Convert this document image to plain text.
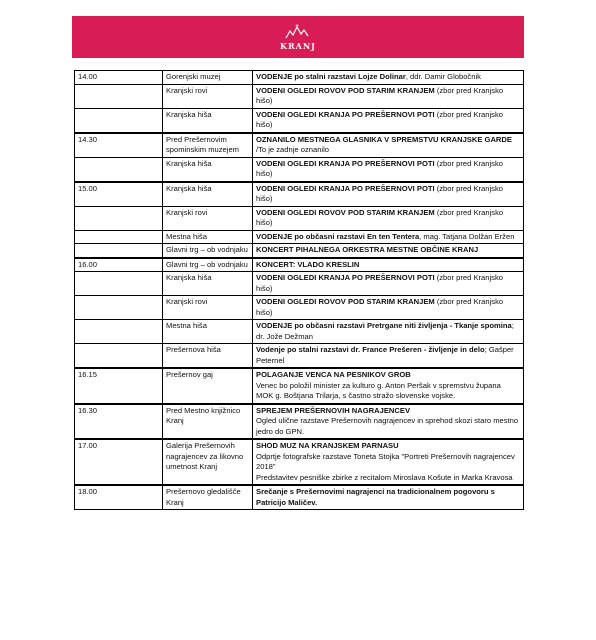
KRANJ
14.00	Gorenjski muzej	VODENJE po stalni razstavi Lojze Dolinar, ddr. Damir Globočnik
	Kranjski rovi	VODENI OGLEDI ROVOV POD STARIM KRANJEM (zbor pred Kranjsko hišo)
	Kranjska hiša	VODENI OGLEDI KRANJA PO PREŠERNOVI POTI (zbor pred Kranjsko hišo)
14.30	Pred Prešernovim spominskim muzejem	OZNANILO MESTNEGA GLASNIKA V SPREMSTVU KRANJSKE GARDE /To je zadnje oznanilo
	Kranjska hiša	VODENI OGLEDI KRANJA PO PREŠERNOVI POTI (zbor pred Kranjsko hišo)
15.00	Kranjska hiša	VODENI OGLEDI KRANJA PO PREŠERNOVI POTI (zbor pred Kranjsko hišo)
	Kranjski rovi	VODENI OGLEDI ROVOV POD STARIM KRANJEM (zbor pred Kranjsko hišo)
	Mestna hiša	VODENJE po občasni razstavi En ten Tentera, mag. Tatjana Dolžan Eržen
	Glavni trg – ob vodnjaku	KONCERT PIHALNEGA ORKESTRA MESTNE OBČINE KRANJ
16.00	Glavni trg – ob vodnjaku	KONCERT: VLADO KRESLIN
	Kranjska hiša	VODENI OGLEDI KRANJA PO PREŠERNOVI POTI (zbor pred Kranjsko hišo)
	Kranjski rovi	VODENI OGLEDI ROVOV POD STARIM KRANJEM (zbor pred Kranjsko hišo)
	Mestna hiša	VODENJE po občasni razstavi Pretrgane niti življenja - Tkanje spomina; dr. Jože Dežman
	Prešernova hiša	Vodenje po stalni razstavi dr. France Prešeren - življenje in delo; Gašper Peternel
16.15	Prešernov gaj	POLAGANJE VENCA NA PESNIKOV GROB
Venec bo položil minister za kulturo g. Anton Peršak v spremstvu župana MOK g. Boštjana Trilarja, s častno stražo slovenske vojske.

16.30	Pred Mestno knjižnico Kranj	SPREJEM PREŠERNOVIH NAGRAJENCEV
Ogled ulične razstave Prešernovih nagrajencev in sprehod skozi staro mestno jedro do GPN.

17.00	Galerija Prešernovih nagrajencev za likovno umetnost Kranj	SHOD MUZ NA KRANJSKEM PARNASU
Odprtje fotografske razstave Toneta Stojka "Portreti Prešernovih nagrajencev 2018"
Predstavitev pesniške zbirke z recitalom Miroslava Košute in Marka Kravosa

18.00	Prešernovo gledališče Kranj	Srečanje s Prešernovimi nagrajenci na tradicionalnem pogovoru s Patricijo Maličev.
